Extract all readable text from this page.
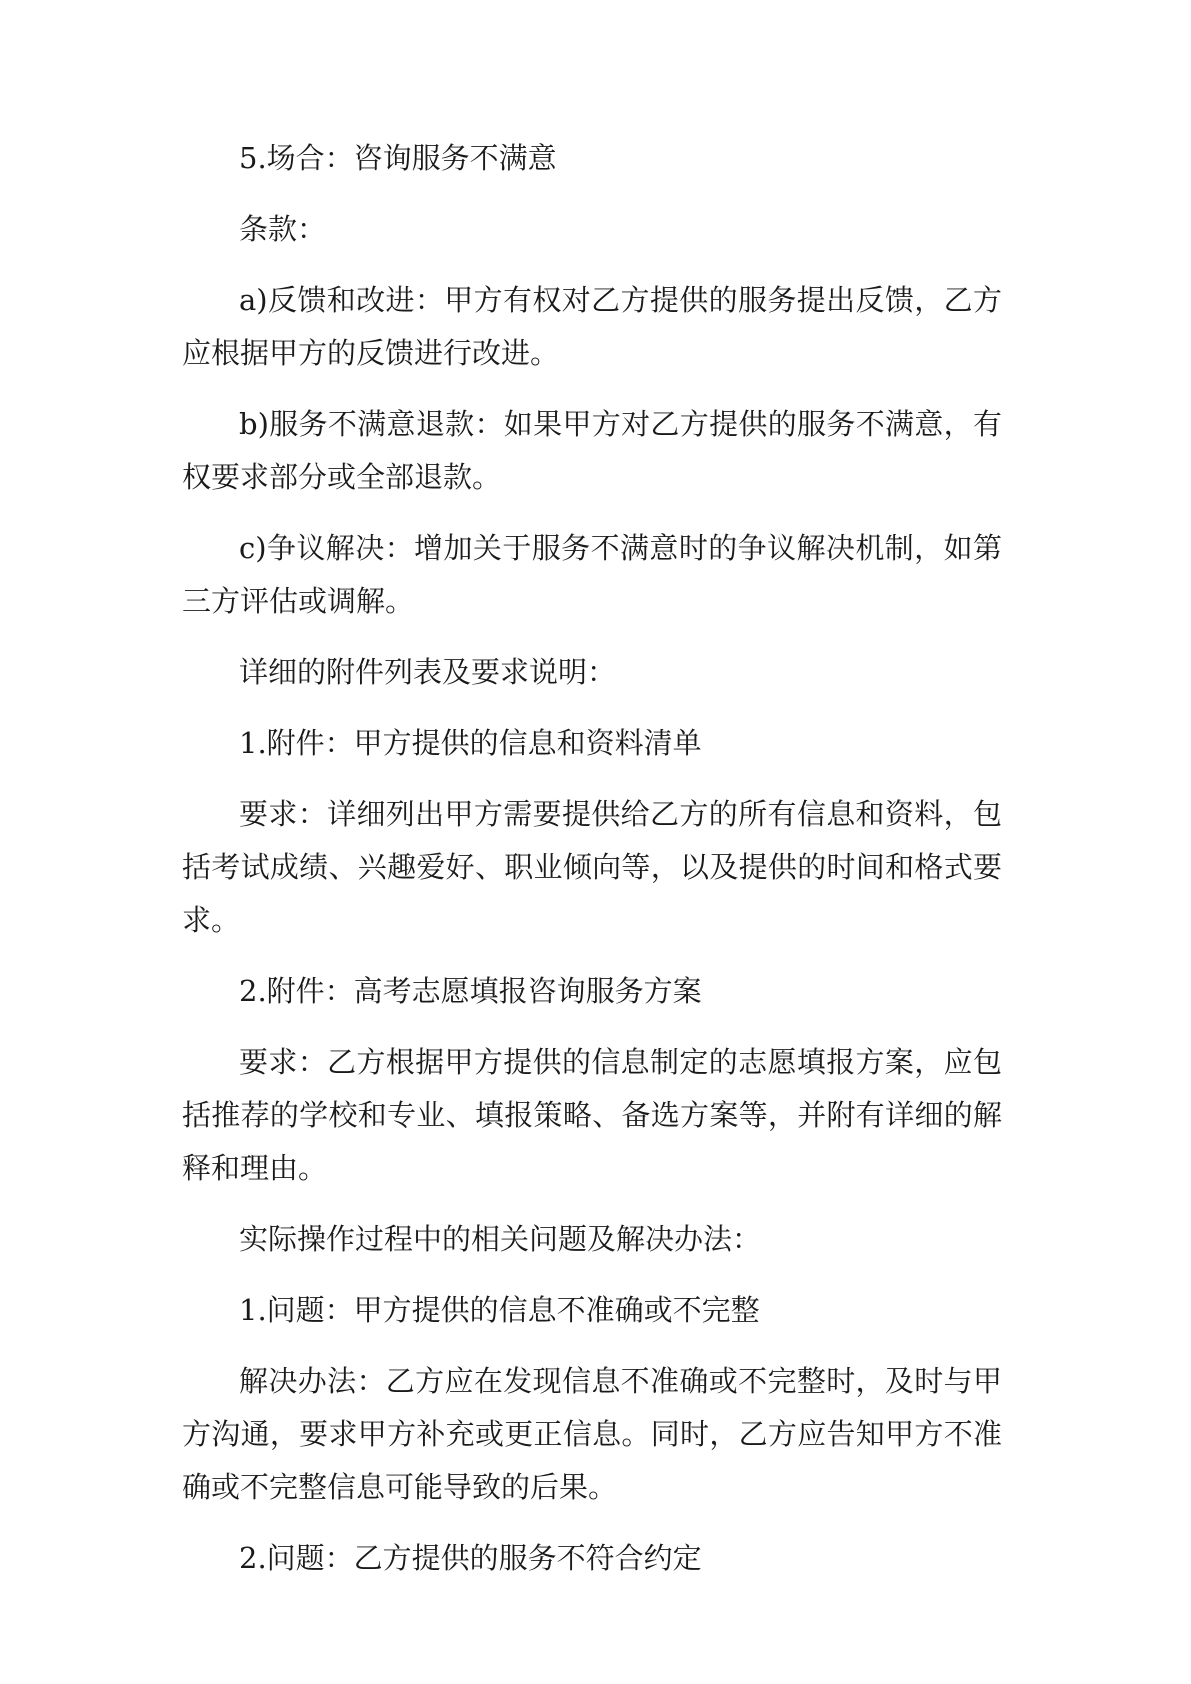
5.场合：咨询服务不满意

条款：

a)反馈和改进：甲方有权对乙方提供的服务提出反馈，乙方应根据甲方的反馈进行改进。

b)服务不满意退款：如果甲方对乙方提供的服务不满意，有权要求部分或全部退款。

c)争议解决：增加关于服务不满意时的争议解决机制，如第三方评估或调解。

详细的附件列表及要求说明：

1.附件：甲方提供的信息和资料清单

要求：详细列出甲方需要提供给乙方的所有信息和资料，包括考试成绩、兴趣爱好、职业倾向等，以及提供的时间和格式要求。

2.附件：高考志愿填报咨询服务方案

要求：乙方根据甲方提供的信息制定的志愿填报方案，应包括推荐的学校和专业、填报策略、备选方案等，并附有详细的解释和理由。

实际操作过程中的相关问题及解决办法：

1.问题：甲方提供的信息不准确或不完整

解决办法：乙方应在发现信息不准确或不完整时，及时与甲方沟通，要求甲方补充或更正信息。同时，乙方应告知甲方不准确或不完整信息可能导致的后果。

2.问题：乙方提供的服务不符合约定
